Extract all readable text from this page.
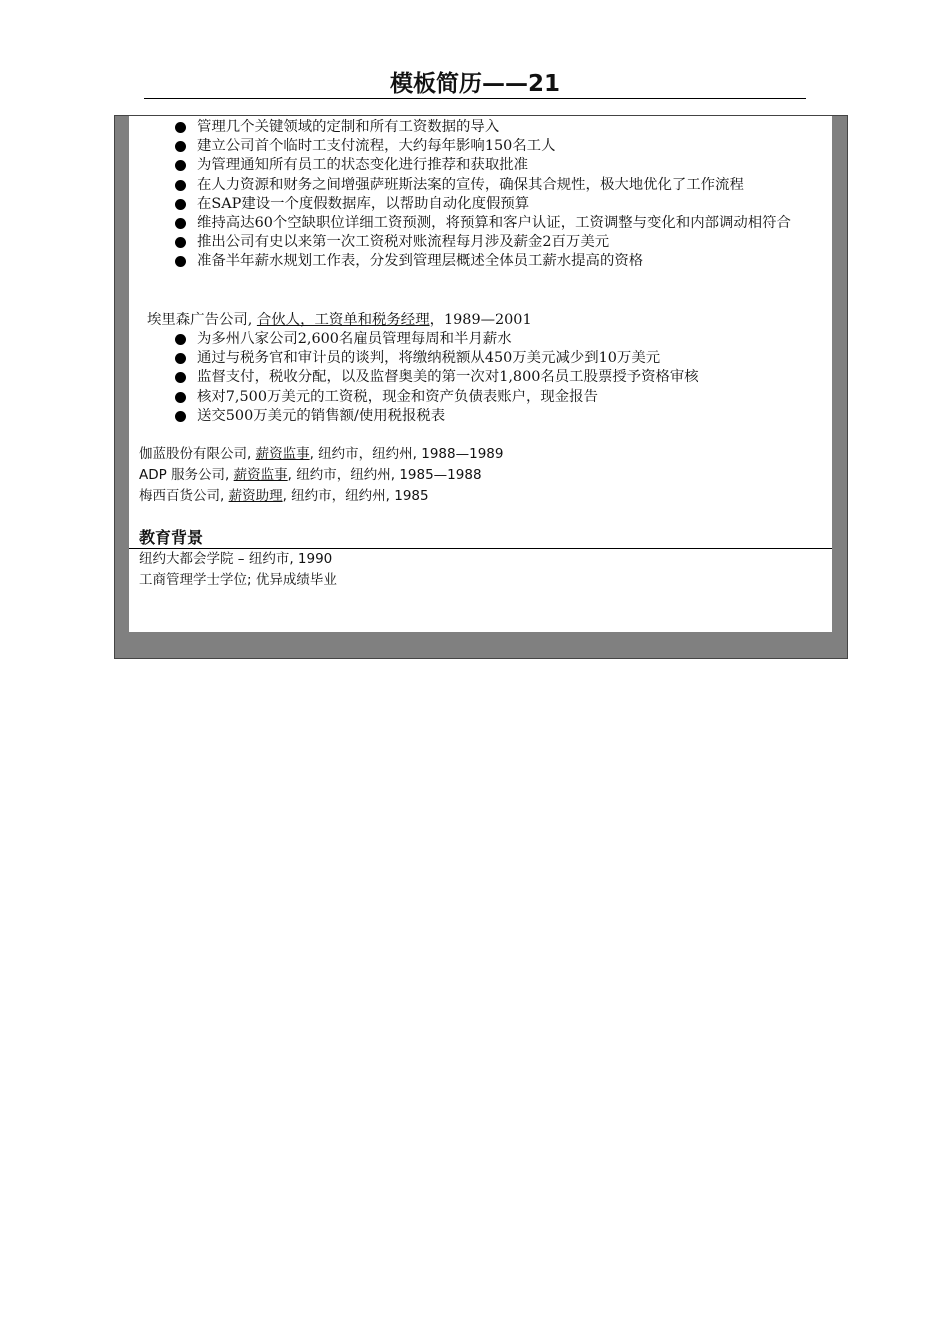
模板简历——21
管理几个关键领域的定制和所有工资数据的导入
建立公司首个临时工支付流程，大约每年影响150名工人
为管理通知所有员工的状态变化进行推荐和获取批准
在人力资源和财务之间增强萨班斯法案的宣传，确保其合规性，极大地优化了工作流程
在SAP建设一个度假数据库，以帮助自动化度假预算
维持高达60个空缺职位详细工资预测，将预算和客户认证，工资调整与变化和内部调动相符合
推出公司有史以来第一次工资税对账流程每月涉及薪金2百万美元
准备半年薪水规划工作表，分发到管理层概述全体员工薪水提高的资格
埃里森广告公司, 合伙人，工资单和税务经理，1989—2001
为多州八家公司2,600名雇员管理每周和半月薪水
通过与税务官和审计员的谈判，将缴纳税额从450万美元减少到10万美元
监督支付，税收分配，以及监督奥美的第一次对1,800名员工股票授予资格审核
核对7,500万美元的工资税，现金和资产负债表账户，现金报告
送交500万美元的销售额/使用税报税表
伽蓝股份有限公司, 薪资监事, 纽约市，纽约州, 1988—1989
ADP 服务公司, 薪资监事, 纽约市，纽约州, 1985—1988
梅西百货公司, 薪资助理, 纽约市，纽约州, 1985
教育背景
纽约大都会学院 – 纽约市, 1990
工商管理学士学位; 优异成绩毕业
